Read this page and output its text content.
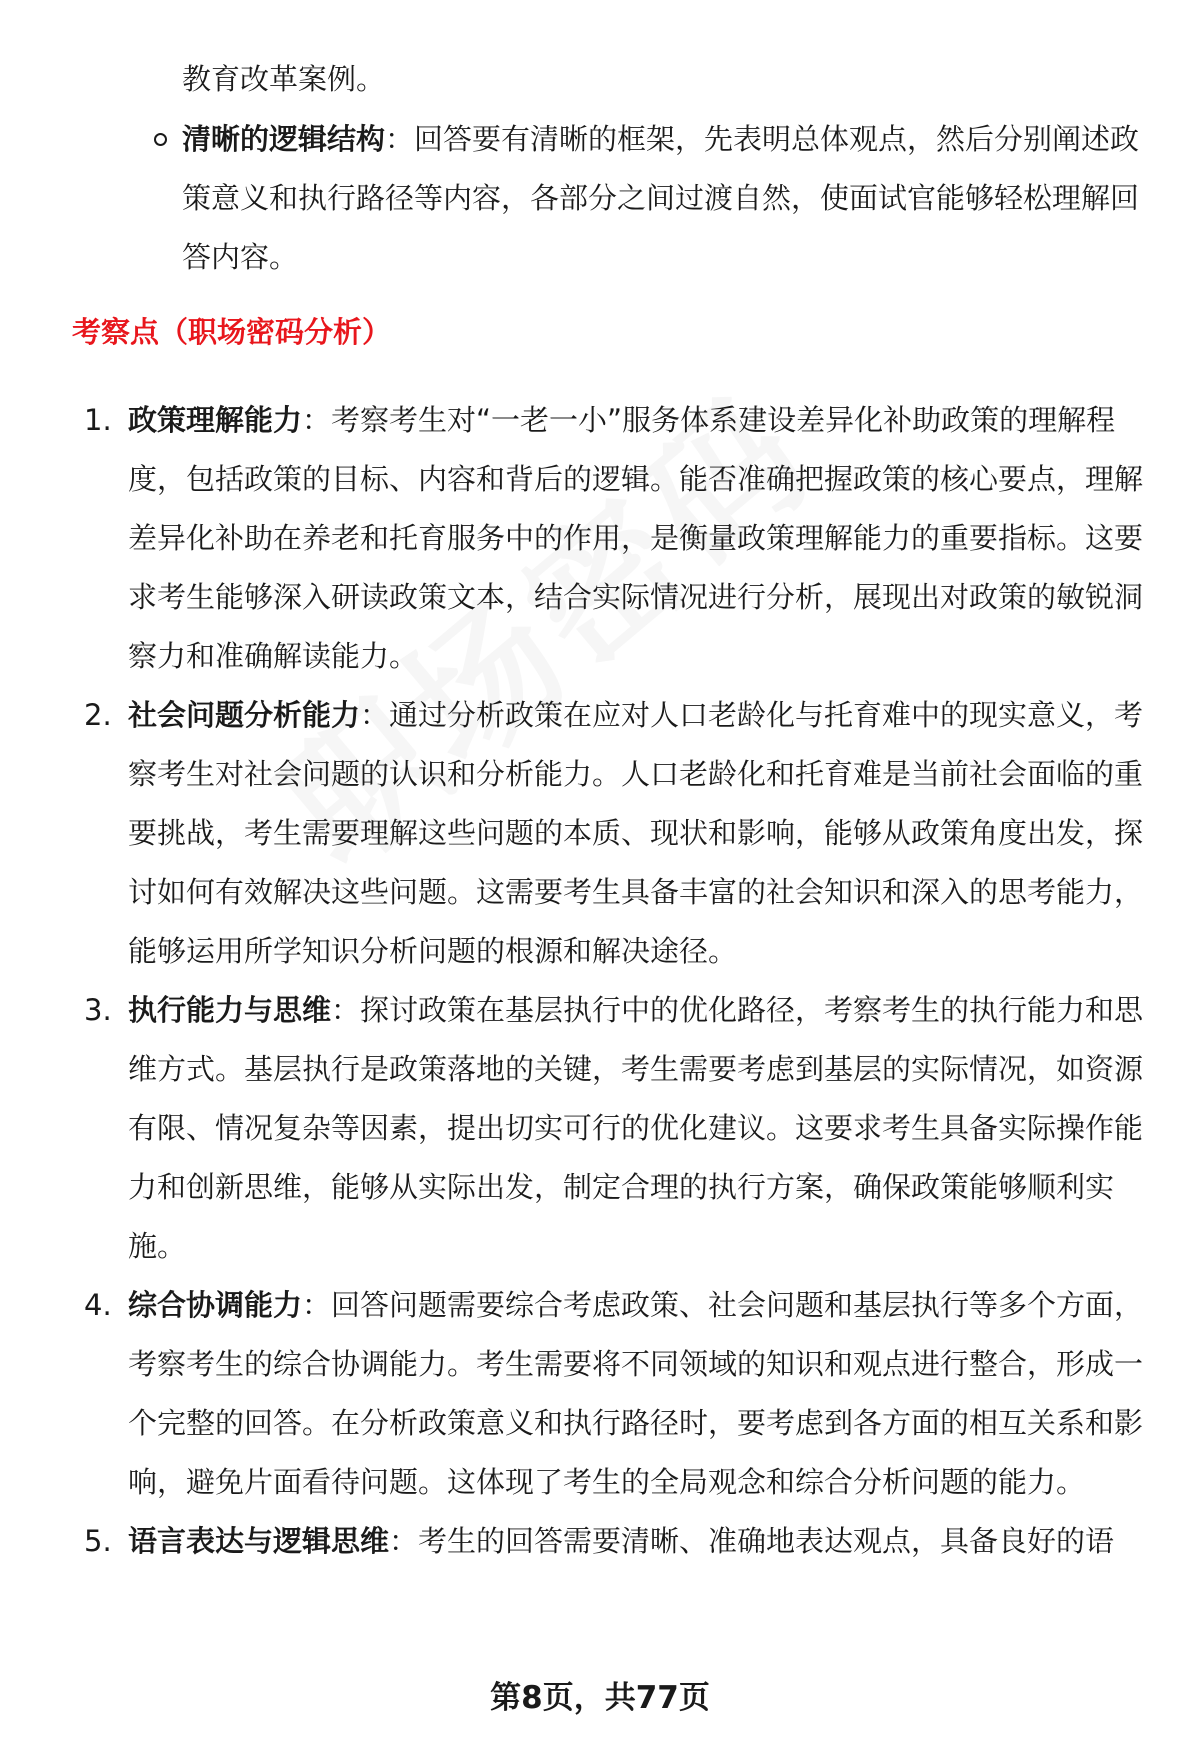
教育改革案例。

清晰的逻辑结构：回答要有清晰的框架，先表明总体观点，然后分别阐述政策意义和执行路径等内容，各部分之间过渡自然，使面试官能够轻松理解回答内容。

考察点（职场密码分析）
1. 政策理解能力：考察考生对“一老一小”服务体系建设差异化补助政策的理解程度，包括政策的目标、内容和背后的逻辑。能否准确把握政策的核心要点，理解差异化补助在养老和托育服务中的作用，是衡量政策理解能力的重要指标。这要求考生能够深入研读政策文本，结合实际情况进行分析，展现出对政策的敏锐洞察力和准确解读能力。

2. 社会问题分析能力：通过分析政策在应对人口老龄化与托育难中的现实意义，考察考生对社会问题的认识和分析能力。人口老龄化和托育难是当前社会面临的重要挑战，考生需要理解这些问题的本质、现状和影响，能够从政策角度出发，探讨如何有效解决这些问题。这需要考生具备丰富的社会知识和深入的思考能力，能够运用所学知识分析问题的根源和解决途径。

3. 执行能力与思维：探讨政策在基层执行中的优化路径，考察考生的执行能力和思维方式。基层执行是政策落地的关键，考生需要考虑到基层的实际情况，如资源有限、情况复杂等因素，提出切实可行的优化建议。这要求考生具备实际操作能力和创新思维，能够从实际出发，制定合理的执行方案，确保政策能够顺利实施。

4. 综合协调能力：回答问题需要综合考虑政策、社会问题和基层执行等多个方面，考察考生的综合协调能力。考生需要将不同领域的知识和观点进行整合，形成一个完整的回答。在分析政策意义和执行路径时，要考虑到各方面的相互关系和影响，避免片面看待问题。这体现了考生的全局观念和综合分析问题的能力。

5. 语言表达与逻辑思维：考生的回答需要清晰、准确地表达观点，具备良好的语

第8页，共77页
